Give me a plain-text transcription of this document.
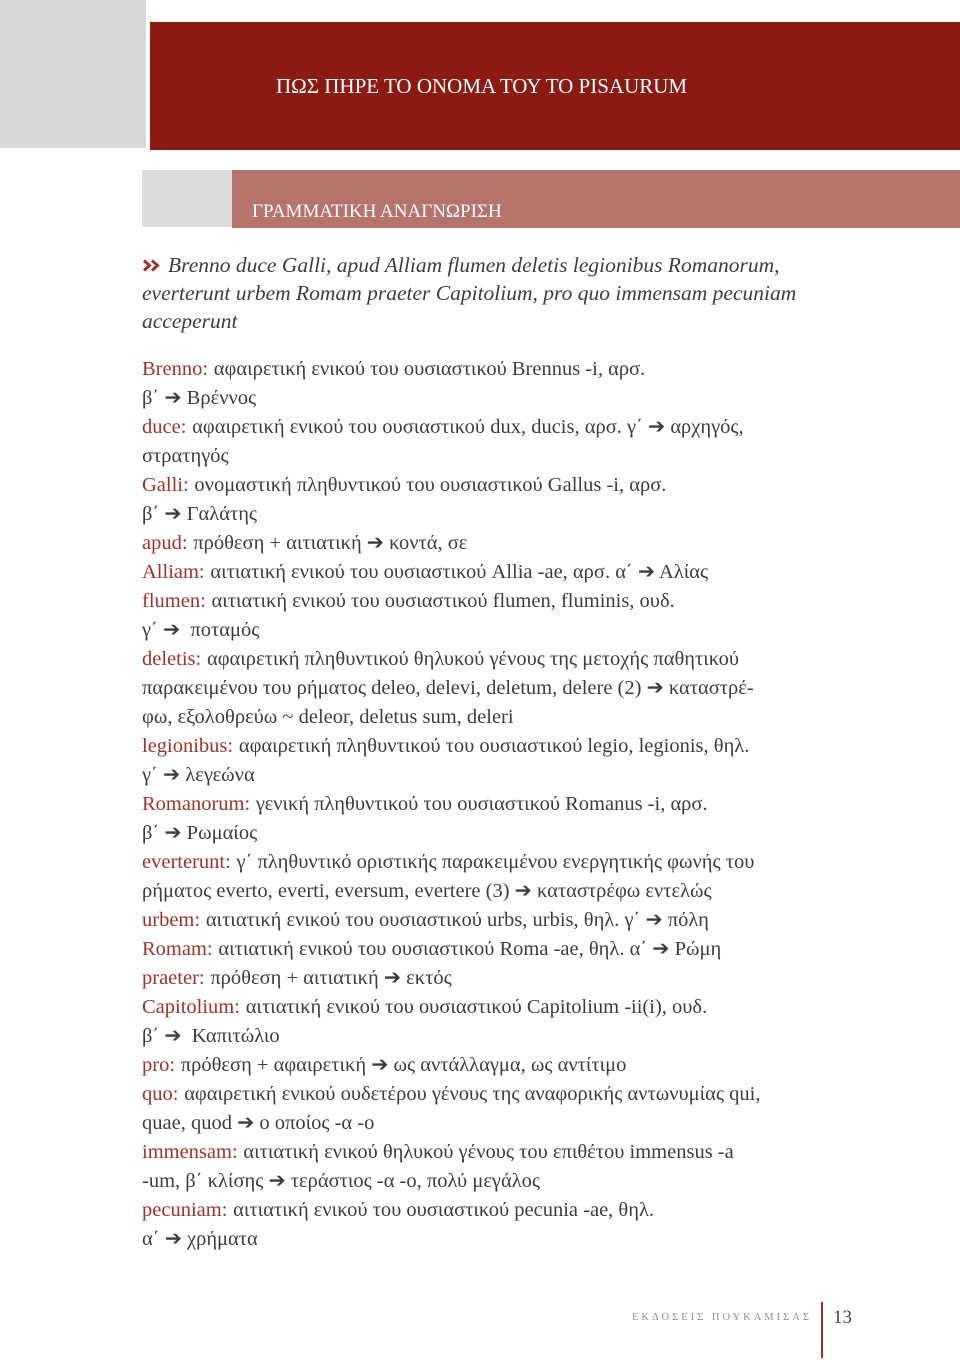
ΠΩΣ ΠΗΡΕ ΤΟ ΟΝΟΜΑ ΤΟΥ ΤΟ PISAURUM
ΓΡΑΜΜΑΤΙΚΗ ΑΝΑΓΝΩΡΙΣΗ
Brenno duce Galli, apud Alliam flumen deletis legionibus Romanorum,
everterunt urbem Romam praeter Capitolium, pro quo immensam pecuniam
acceperunt
Brenno: αφαιρετική ενικού του ουσιαστικού Brennus -i, αρσ.
β΄ ➔ Βρέννος
duce: αφαιρετική ενικού του ουσιαστικού dux, ducis, αρσ. γ΄ ➔ αρχηγός,
στρατηγός
Galli: ονομαστική πληθυντικού του ουσιαστικού Gallus -i, αρσ.
β΄ ➔ Γαλάτης
apud: πρόθεση + αιτιατική ➔ κοντά, σε
Alliam: αιτιατική ενικού του ουσιαστικού Allia -ae, αρσ. α΄ ➔ Αλίας
flumen: αιτιατική ενικού του ουσιαστικού flumen, fluminis, ουδ.
γ΄ ➔  ποταμός
deletis: αφαιρετική πληθυντικού θηλυκού γένους της μετοχής παθητικού
παρακειμένου του ρήματος deleo, delevi, deletum, delere (2) ➔ καταστρέ-
φω, εξολοθρεύω ~ deleor, deletus sum, deleri
legionibus: αφαιρετική πληθυντικού του ουσιαστικού legio, legionis, θηλ.
γ΄ ➔ λεγεώνα
Romanorum: γενική πληθυντικού του ουσιαστικού Romanus -i, αρσ.
β΄ ➔ Ρωμαίος
everterunt: γ΄ πληθυντικό οριστικής παρακειμένου ενεργητικής φωνής του
ρήματος everto, everti, eversum, evertere (3) ➔ καταστρέφω εντελώς
urbem: αιτιατική ενικού του ουσιαστικού urbs, urbis, θηλ. γ΄ ➔ πόλη
Romam: αιτιατική ενικού του ουσιαστικού Roma -ae, θηλ. α΄ ➔ Ρώμη
praeter: πρόθεση + αιτιατική ➔ εκτός
Capitolium: αιτιατική ενικού του ουσιαστικού Capitolium -ii(i), ουδ.
β΄ ➔  Καπιτώλιο
pro: πρόθεση + αφαιρετική ➔ ως αντάλλαγμα, ως αντίτιμο
quo: αφαιρετική ενικού ουδετέρου γένους της αναφορικής αντωνυμίας qui,
quae, quod ➔ ο οποίος -α -ο
immensam: αιτιατική ενικού θηλυκού γένους του επιθέτου immensus -a
-um, β΄ κλίσης ➔ τεράστιος -α -ο, πολύ μεγάλος
pecuniam: αιτιατική ενικού του ουσιαστικού pecunia -ae, θηλ.
α΄ ➔ χρήματα
ΕΚΔΟΣΕΙΣ ΠΟΥΚΑΜΙΣΑΣ 13
